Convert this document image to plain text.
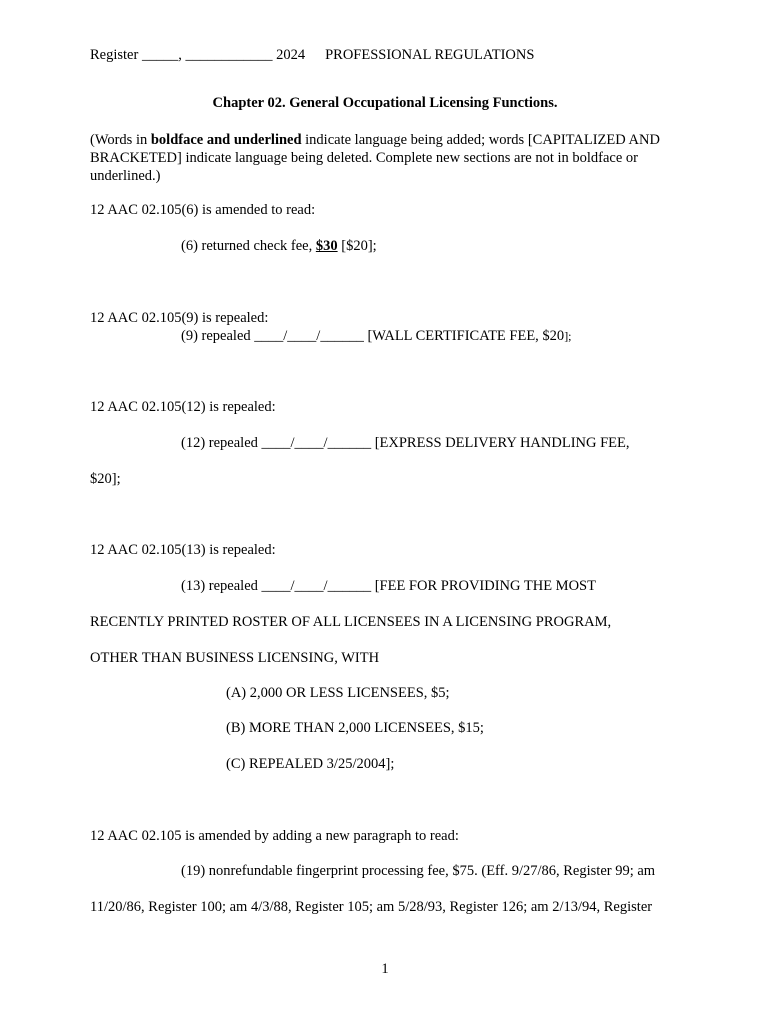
Register _____, ____________ 2024 PROFESSIONAL REGULATIONS
Chapter 02. General Occupational Licensing Functions.
(Words in boldface and underlined indicate language being added; words [CAPITALIZED AND BRACKETED] indicate language being deleted. Complete new sections are not in boldface or underlined.)
12 AAC 02.105(6) is amended to read:
(6) returned check fee, $30 [$20];
12 AAC 02.105(9) is repealed:
(9) repealed ____/____/______ [WALL CERTIFICATE FEE, $20];
12 AAC 02.105(12) is repealed:
(12) repealed ____/____/______ [EXPRESS DELIVERY HANDLING FEE,
$20];
12 AAC 02.105(13) is repealed:
(13) repealed ____/____/______ [FEE FOR PROVIDING THE MOST
RECENTLY PRINTED ROSTER OF ALL LICENSEES IN A LICENSING PROGRAM,
OTHER THAN BUSINESS LICENSING, WITH
(A) 2,000 OR LESS LICENSEES, $5;
(B) MORE THAN 2,000 LICENSEES, $15;
(C) REPEALED 3/25/2004];
12 AAC 02.105 is amended by adding a new paragraph to read:
(19) nonrefundable fingerprint processing fee, $75. (Eff. 9/27/86, Register 99; am
11/20/86, Register 100; am 4/3/88, Register 105; am 5/28/93, Register 126; am 2/13/94, Register
1
